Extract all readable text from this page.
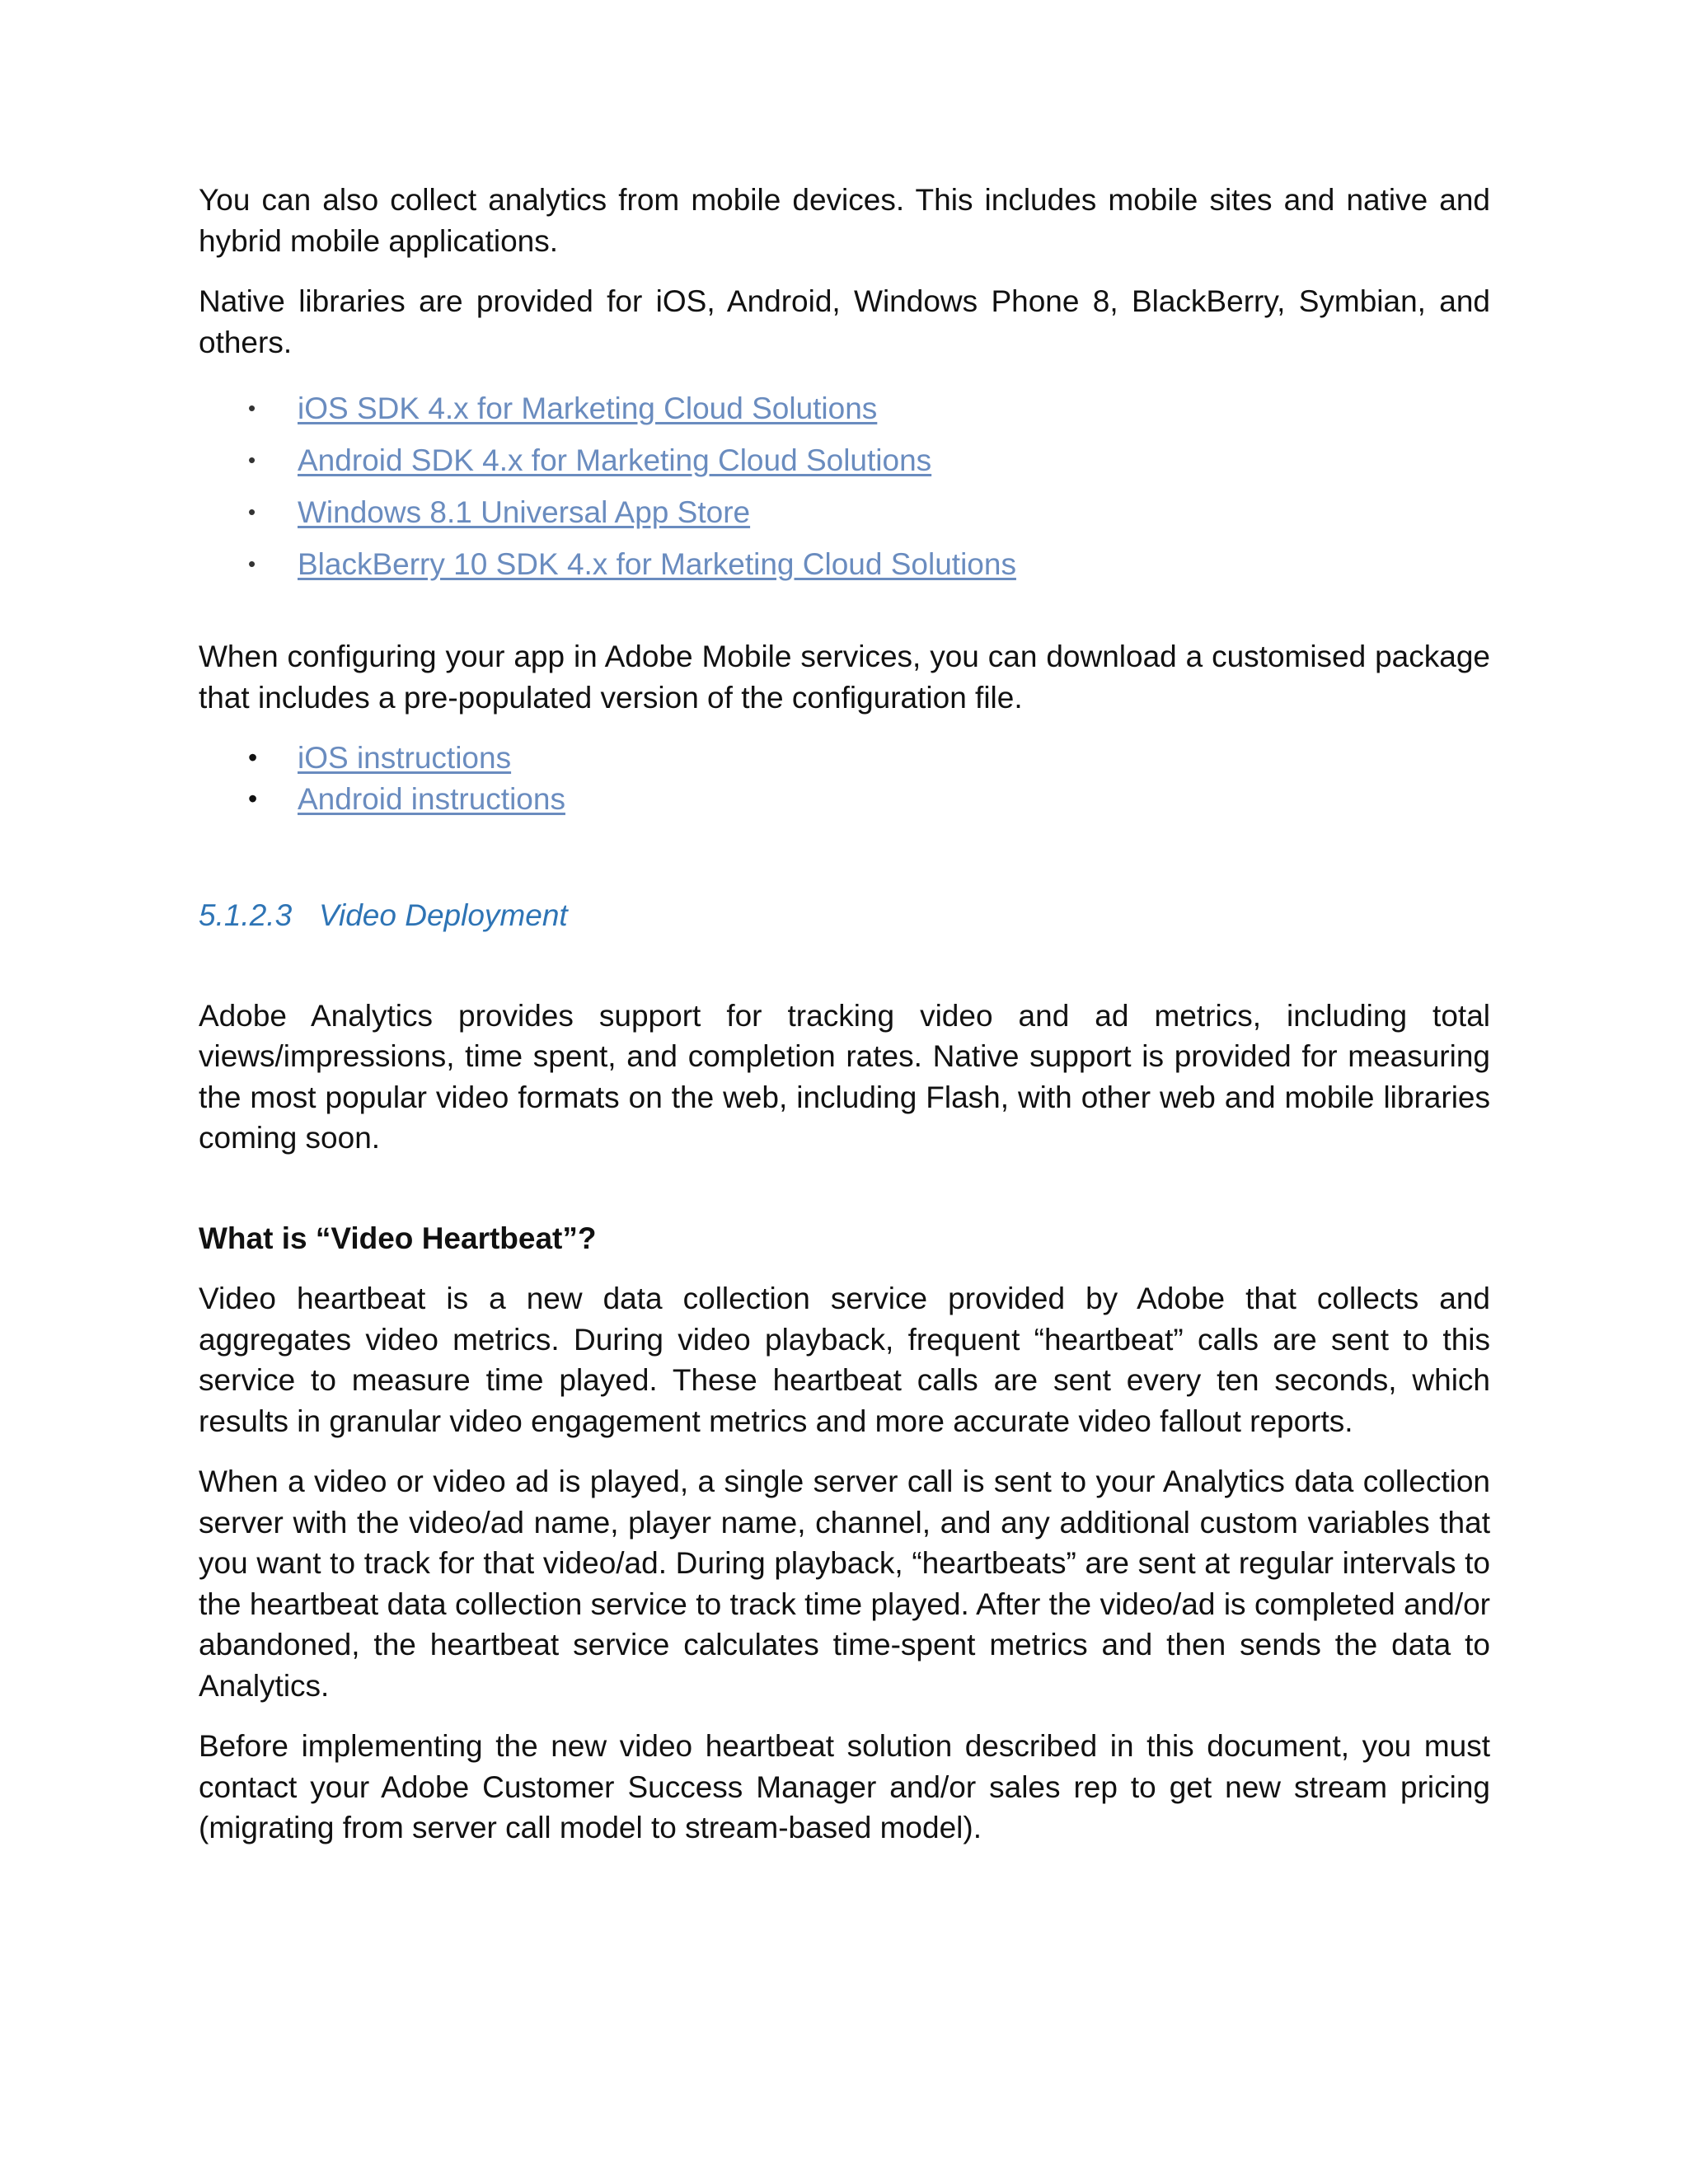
You can also collect analytics from mobile devices. This includes mobile sites and native and hybrid mobile applications.

Native libraries are provided for iOS, Android, Windows Phone 8, BlackBerry, Symbian, and others.

• iOS SDK 4.x for Marketing Cloud Solutions
• Android SDK 4.x for Marketing Cloud Solutions
• Windows 8.1 Universal App Store
• BlackBerry 10 SDK 4.x for Marketing Cloud Solutions

When configuring your app in Adobe Mobile services, you can download a customised package that includes a pre-populated version of the configuration file.

• iOS instructions
• Android instructions
5.1.2.3 Video Deployment

Adobe Analytics provides support for tracking video and ad metrics, including total views/impressions, time spent, and completion rates. Native support is provided for measuring the most popular video formats on the web, including Flash, with other web and mobile libraries coming soon.

What is “Video Heartbeat”?

Video heartbeat is a new data collection service provided by Adobe that collects and aggregates video metrics. During video playback, frequent “heartbeat” calls are sent to this service to measure time played. These heartbeat calls are sent every ten seconds, which results in granular video engagement metrics and more accurate video fallout reports.

When a video or video ad is played, a single server call is sent to your Analytics data collection server with the video/ad name, player name, channel, and any additional custom variables that you want to track for that video/ad. During playback, “heartbeats” are sent at regular intervals to the heartbeat data collection service to track time played. After the video/ad is completed and/or abandoned, the heartbeat service calculates time-spent metrics and then sends the data to Analytics.

Before implementing the new video heartbeat solution described in this document, you must contact your Adobe Customer Success Manager and/or sales rep to get new stream pricing (migrating from server call model to stream-based model).
